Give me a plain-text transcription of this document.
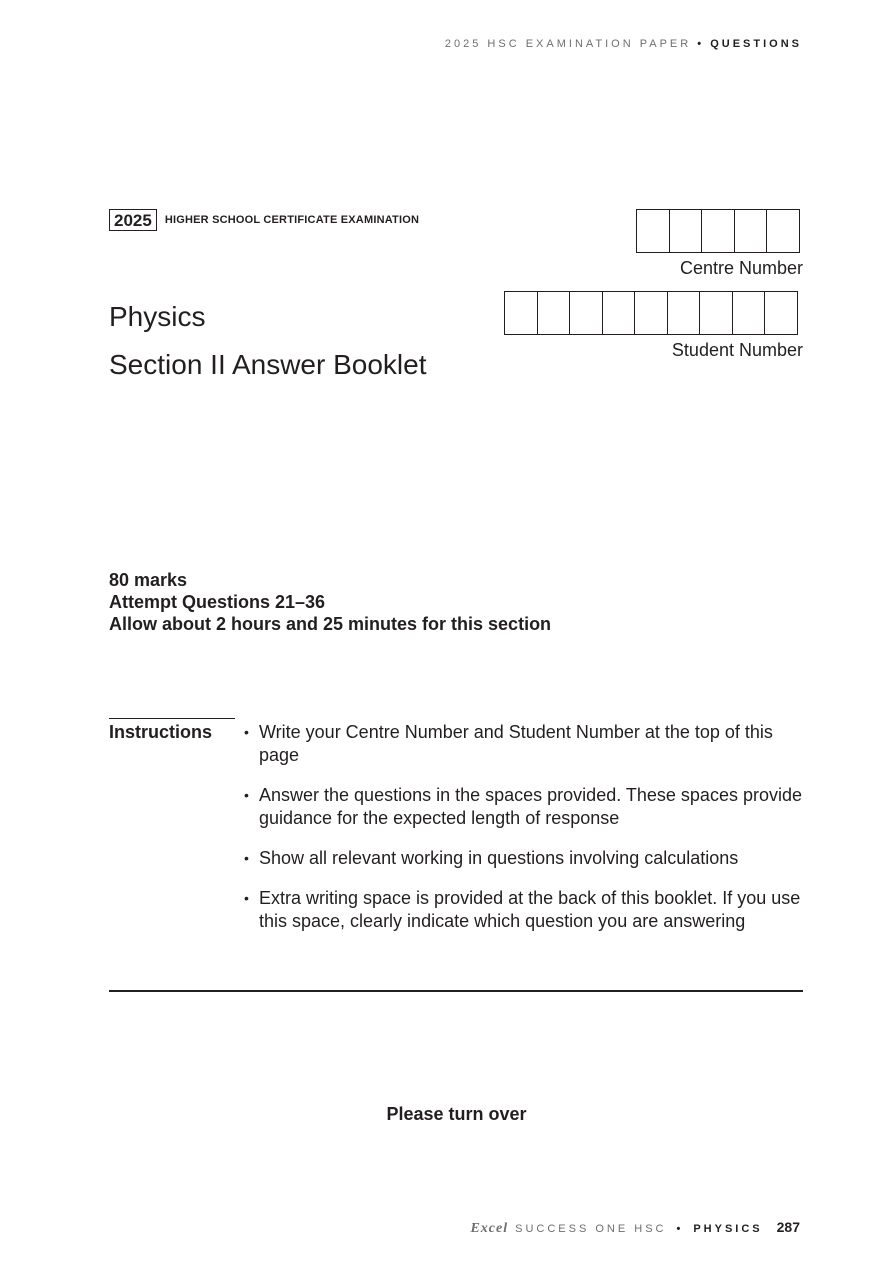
2025 HSC EXAMINATION PAPER • QUESTIONS
2025	HIGHER SCHOOL CERTIFICATE EXAMINATION
Physics
Section II Answer Booklet
Centre Number
Student Number
80 marks
Attempt Questions 21–36
Allow about 2 hours and 25 minutes for this section
Instructions • Write your Centre Number and Student Number at the top of this page
• Answer the questions in the spaces provided. These spaces provide guidance for the expected length of response
• Show all relevant working in questions involving calculations
• Extra writing space is provided at the back of this booklet. If you use this space, clearly indicate which question you are answering
Please turn over
Excel SUCCESS ONE HSC • PHYSICS 287
